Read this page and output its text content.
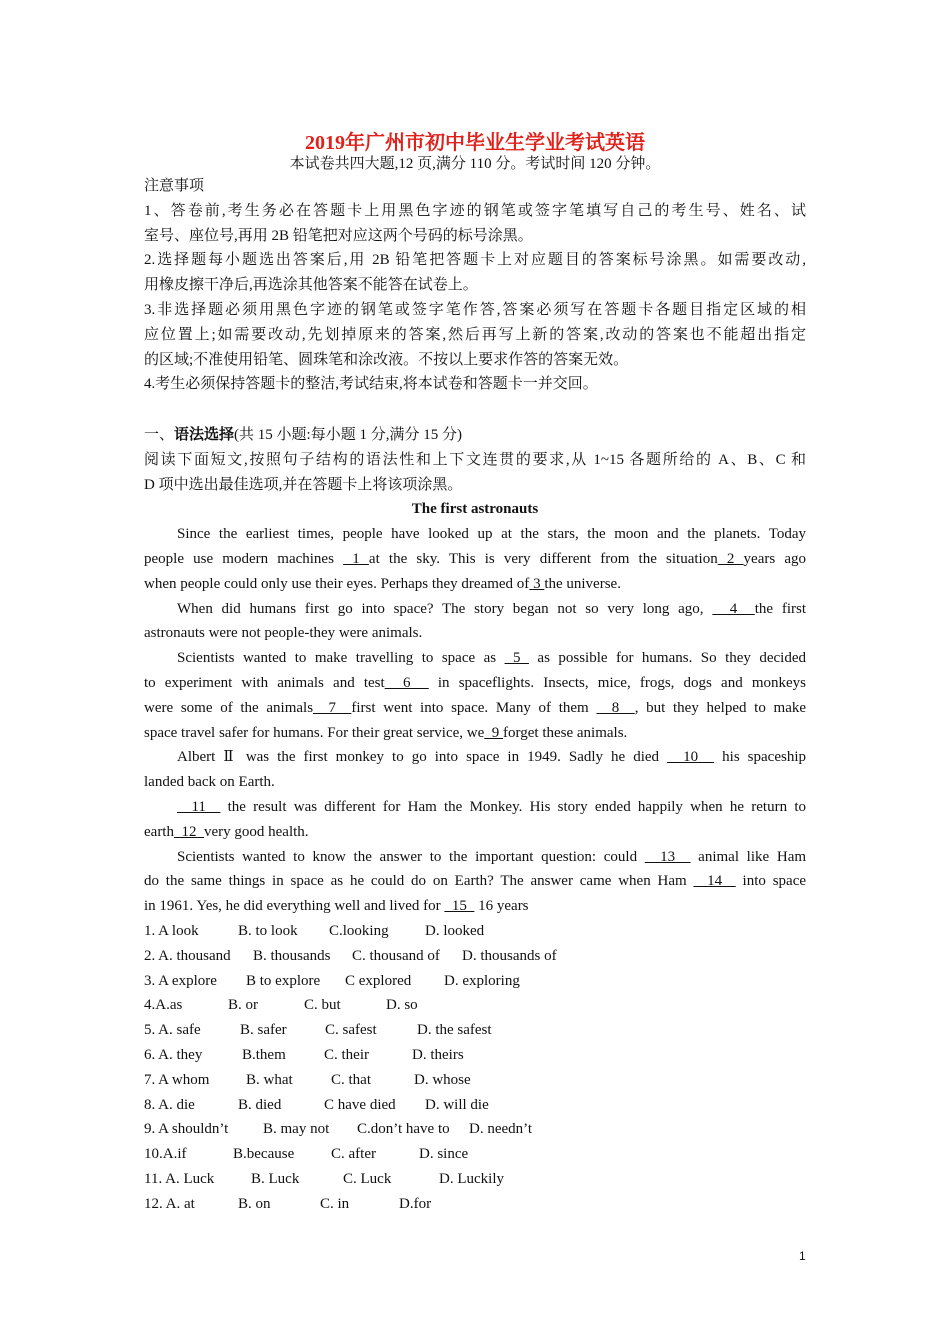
2019年广州市初中毕业生学业考试英语
本试卷共四大题,12 页,满分 110 分。考试时间 120 分钟。

注意事项

1、答卷前,考生务必在答题卡上用黑色字迹的钢笔或签字笔填写自己的考生号、姓名、试

室号、座位号,再用 2B 铅笔把对应这两个号码的标号涂黑。

2.选择题每小题选出答案后,用 2B 铅笔把答题卡上对应题目的答案标号涂黑。如需要改动,

用橡皮擦干净后,再选涂其他答案不能答在试卷上。

3.非选择题必须用黑色字迹的钢笔或签字笔作答,答案必须写在答题卡各题目指定区域的相

应位置上;如需要改动,先划掉原来的答案,然后再写上新的答案,改动的答案也不能超出指定

的区域;不准使用铅笔、圆珠笔和涂改液。不按以上要求作答的答案无效。

4.考生必须保持答题卡的整洁,考试结束,将本试卷和答题卡一并交回。

一、语法选择(共 15 小题:每小题 1 分,满分 15 分)

阅读下面短文,按照句子结构的语法性和上下文连贯的要求,从 1~15 各题所给的 A、B、C 和

D 项中选出最佳选项,并在答题卡上将该项涂黑。

The first astronauts

Since the earliest times, people have looked up at the stars, the moon and the planets. Today

people use modern machines  1 at the sky. This is very different from the situation 2 years ago

when people could only use their eyes. Perhaps they dreamed of 3 the universe.

When did humans first go into space? The story began not so very long ago,   4  the first

astronauts were not people-they were animals.

Scientists wanted to make travelling to space as  5  as possible for humans. So they decided

to experiment with animals and test  6   in spaceflights. Insects, mice, frogs, dogs and monkeys

were some of the animals  7  first went into space. Many of them   8  , but they helped to make

space travel safer for humans. For their great service, we  9 forget these animals.

Albert Ⅱ was the first monkey to go into space in 1949. Sadly he died   10   his spaceship

landed back on Earth.

11   the result was different for Ham the Monkey. His story ended happily when he return to

earth  12  very good health.

Scientists wanted to know the answer to the important question: could   13   animal like Ham

do the same things in space as he could do on Earth? The answer came when Ham   14   into space

in 1961. Yes, he did everything well and lived for   15   16 years

1. A look	B. to look C.looking D. looked
2. A. thousand B. thousands C. thousand of D. thousands of
3. A explore B to explore C explored D. exploring
4.A.as	B. or	C. but	D. so
5. A. safe	B. safer	C. safest	D. the safest
6. A. they	B.them	C. their	D. theirs
7. A whom B. what	C. that	D. whose
8. A. die	B. died	C have died D. will die
9. A shouldn’t B. may not C.don’t have to D. needn’t
10.A.if	B.because C. after	D. since
11. A. Luck B. Luck	C. Luck	D. Luckily
12. A. at	B. on	C. in	D.for
1
